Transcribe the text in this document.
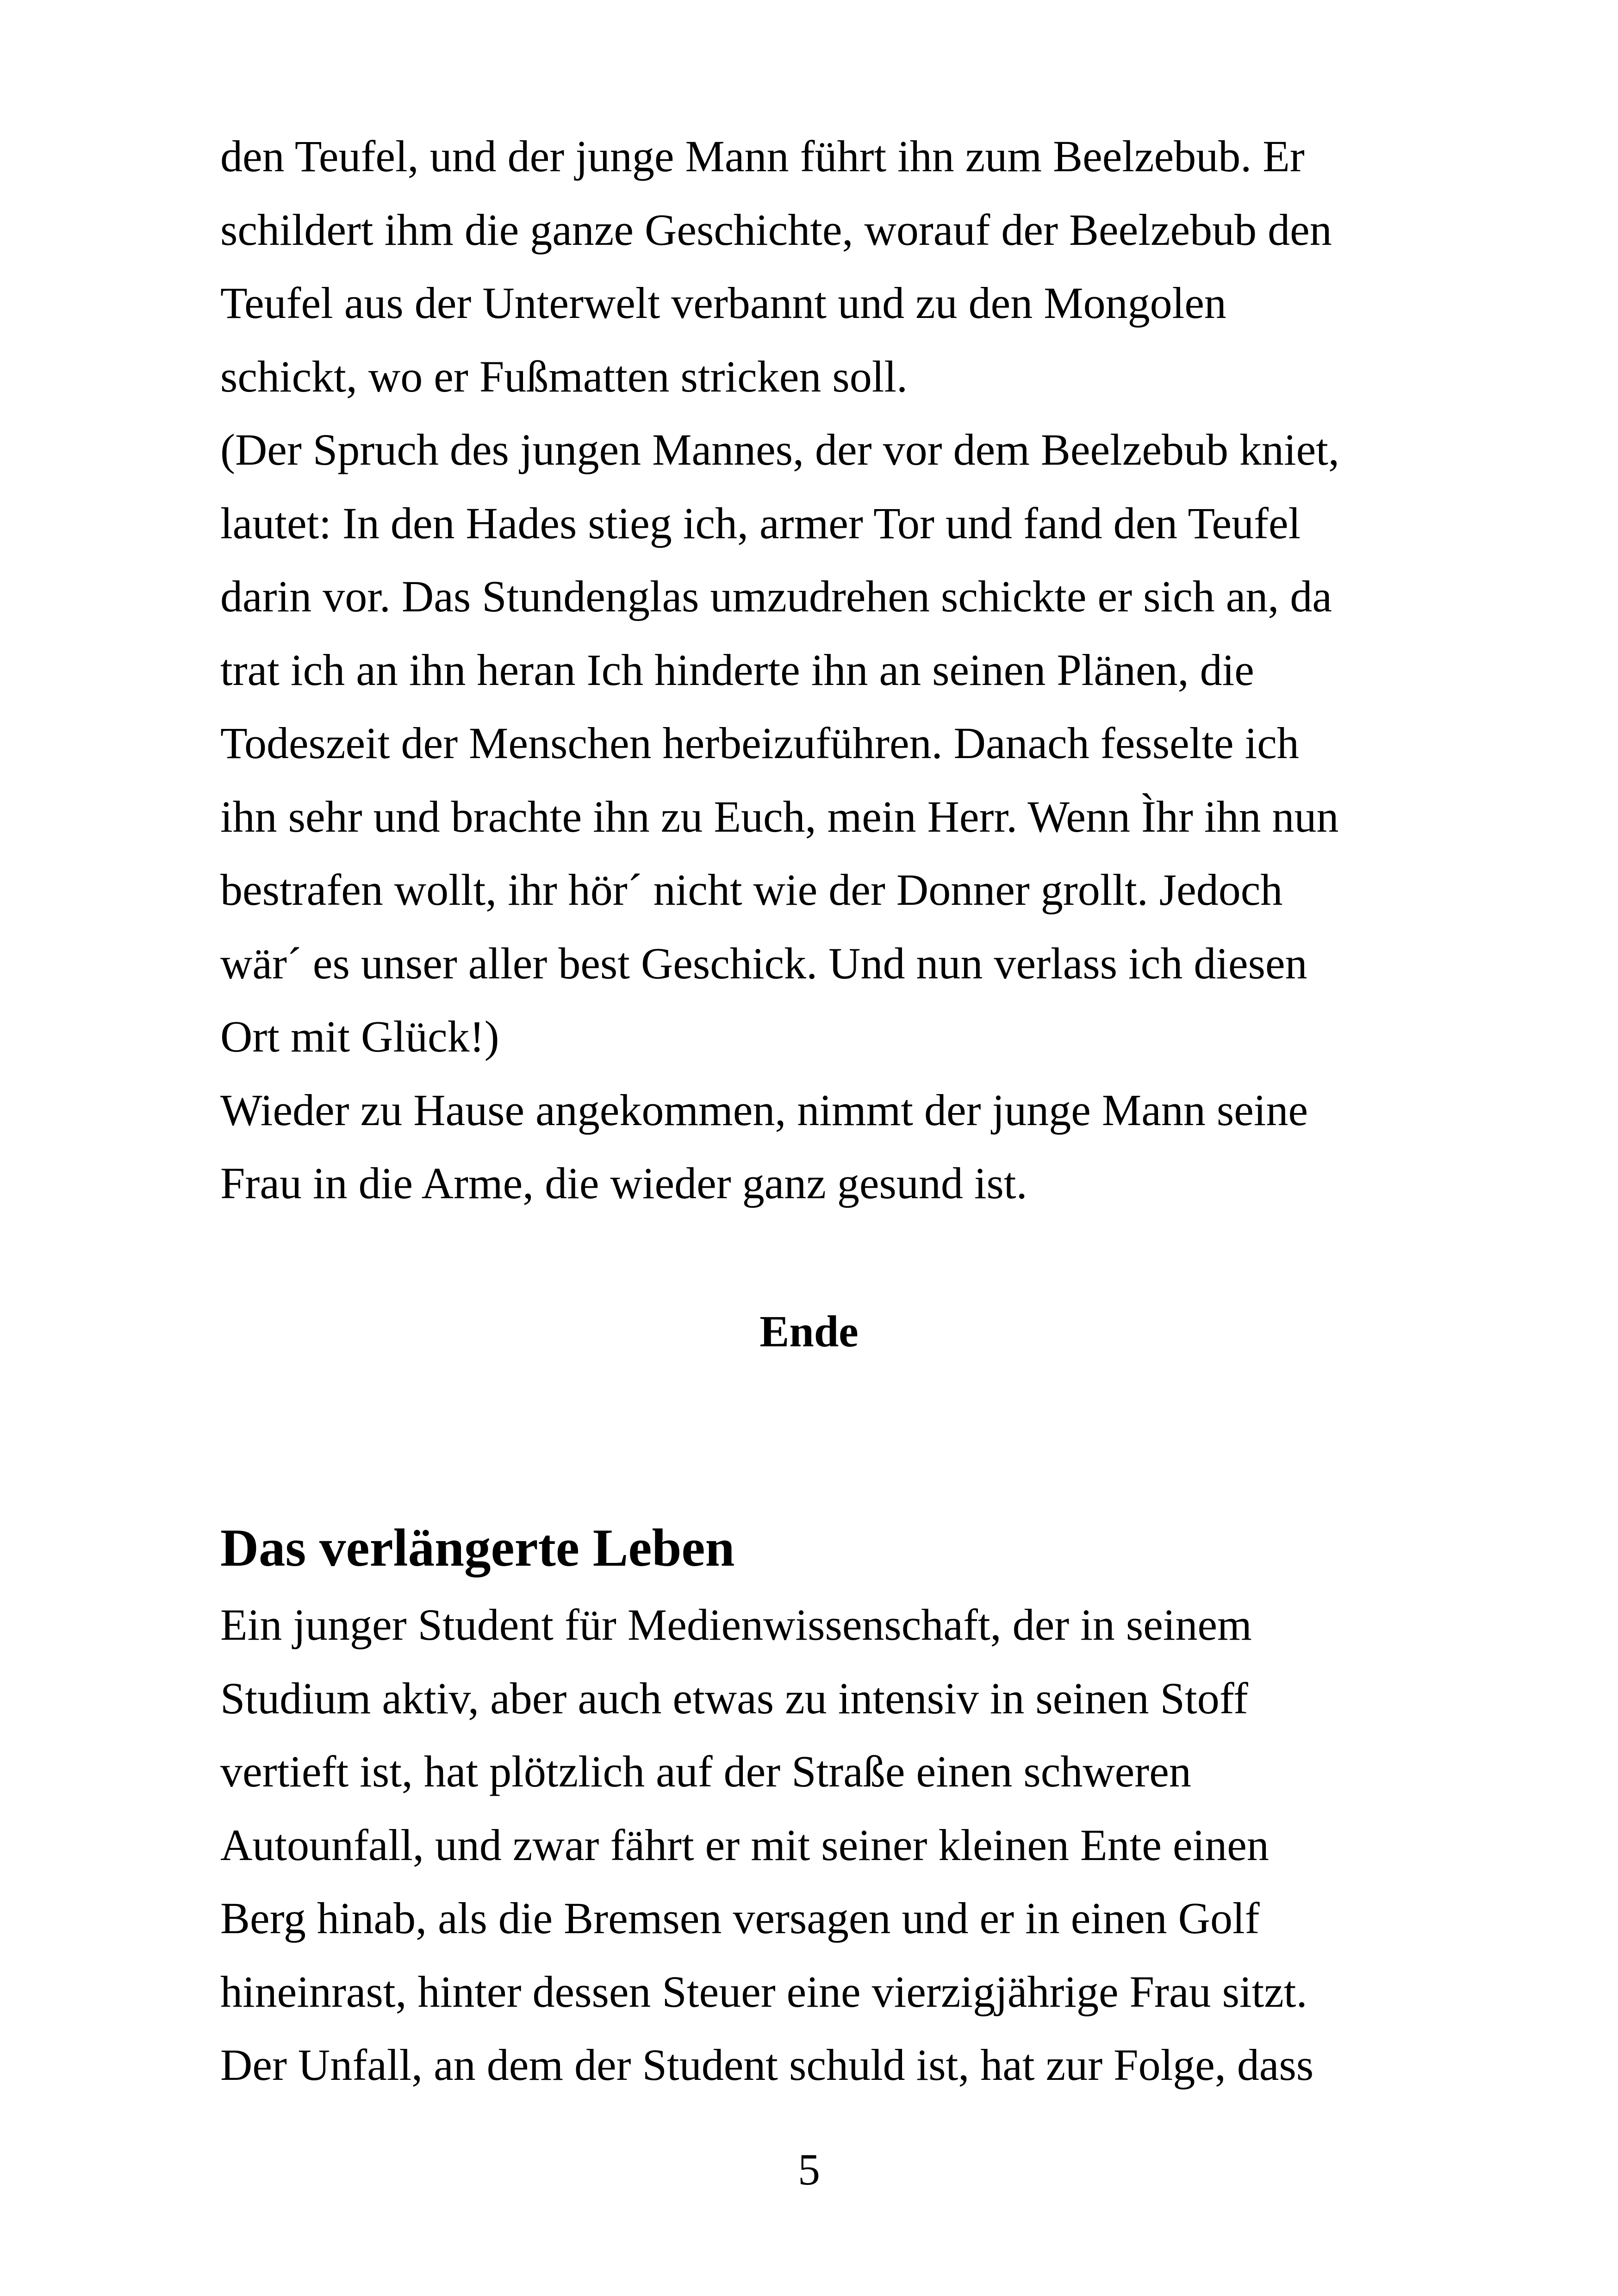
den Teufel, und der junge Mann führt ihn zum Beelzebub. Er
schildert ihm die ganze Geschichte, worauf der Beelzebub den
Teufel aus der Unterwelt verbannt und zu den Mongolen
schickt, wo er Fußmatten stricken soll.
(Der Spruch des jungen Mannes, der vor dem Beelzebub kniet,
lautet: In den Hades stieg ich, armer Tor und fand den Teufel
darin vor. Das Stundenglas umzudrehen schickte er sich an, da
trat ich an ihn heran Ich hinderte ihn an seinen Plänen, die
Todeszeit der Menschen herbeizuführen. Danach fesselte ich
ihn sehr und brachte ihn zu Euch, mein Herr. Wenn Ìhr ihn nun
bestrafen wollt, ihr hör´ nicht wie der Donner grollt. Jedoch
wär´ es unser aller best Geschick. Und nun verlass ich diesen
Ort mit Glück!)
Wieder zu Hause angekommen, nimmt der junge Mann seine
Frau in die Arme, die wieder ganz gesund ist.
Ende
Das verlängerte Leben
Ein junger Student für Medienwissenschaft, der in seinem
Studium aktiv, aber auch etwas zu intensiv in seinen Stoff
vertieft ist, hat plötzlich auf der Straße einen schweren
Autounfall, und zwar fährt er mit seiner kleinen Ente einen
Berg hinab, als die Bremsen versagen und er in einen Golf
hineinrast, hinter dessen Steuer eine vierzigjährige Frau sitzt.
Der Unfall, an dem der Student schuld ist, hat zur Folge, dass
5
